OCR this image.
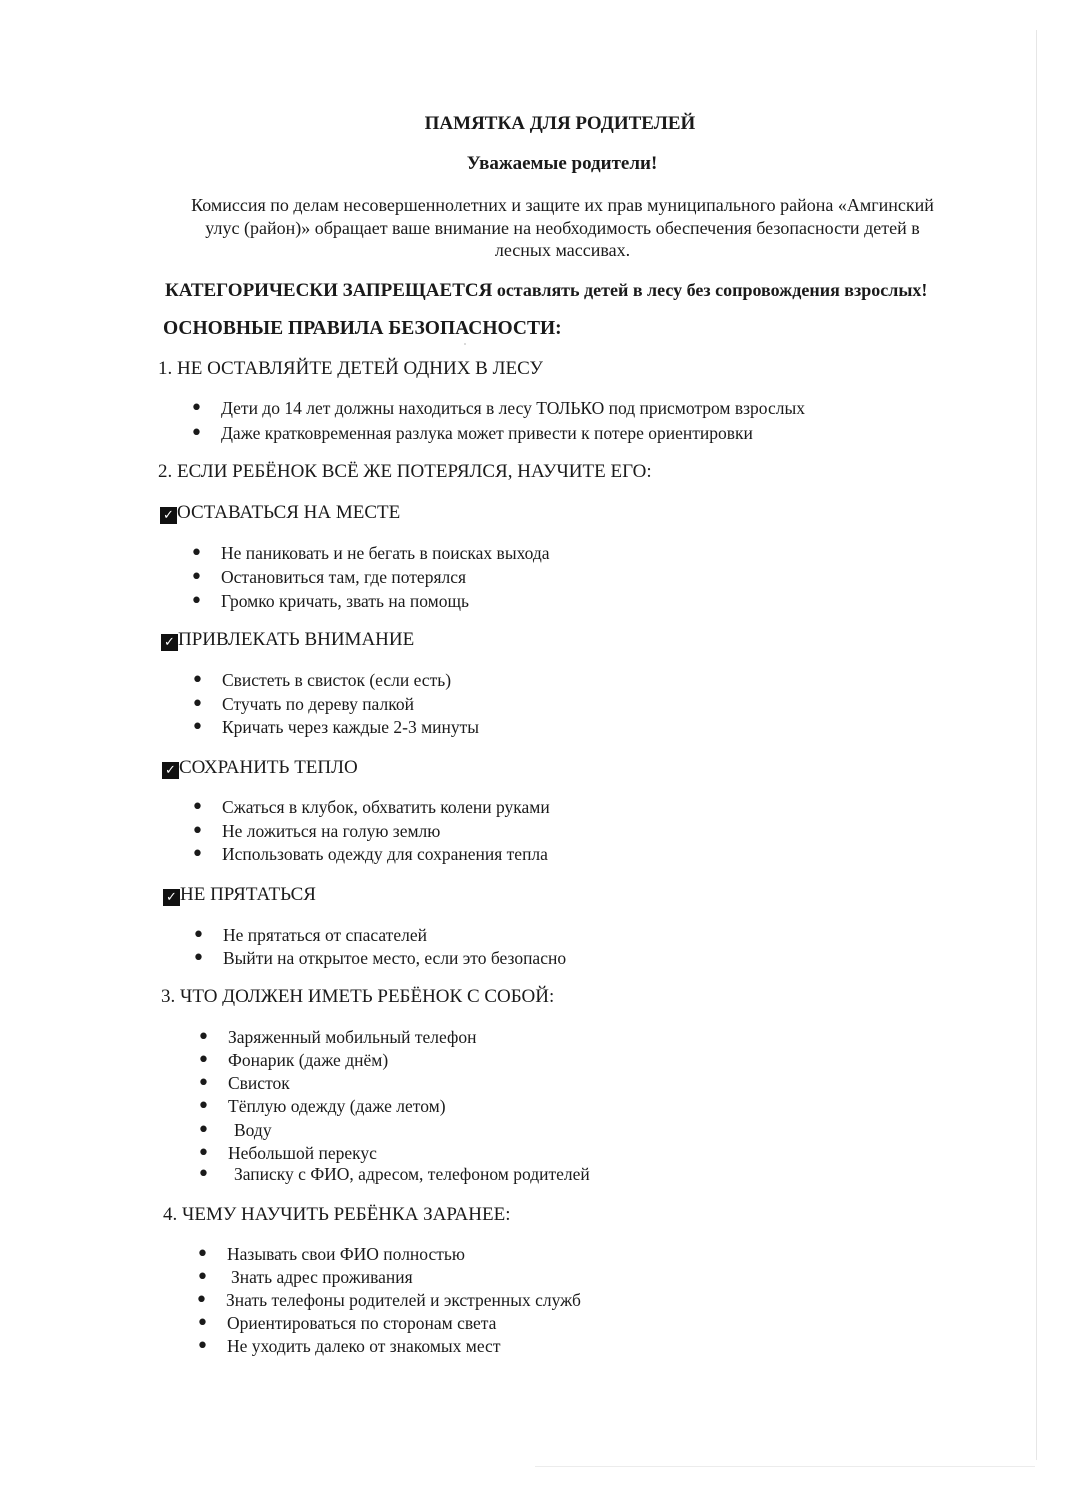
ПАМЯТКА ДЛЯ РОДИТЕЛЕЙ
Уважаемые родители!
Комиссия по делам несовершеннолетних и защите их прав муниципального района «Амгинский
улус (район)» обращает ваше внимание на необходимость обеспечения безопасности детей в
лесных массивах.
КАТЕГОРИЧЕСКИ ЗАПРЕЩАЕТСЯ оставлять детей в лесу без сопровождения взрослых!
ОСНОВНЫЕ ПРАВИЛА БЕЗОПАСНОСТИ:
1. НЕ ОСТАВЛЯЙТЕ ДЕТЕЙ ОДНИХ В ЛЕСУ
• Дети до 14 лет должны находиться в лесу ТОЛЬКО под присмотром взрослых
• Даже кратковременная разлука может привести к потере ориентировки
2. ЕСЛИ РЕБЁНОК ВСЁ ЖЕ ПОТЕРЯЛСЯ, НАУЧИТЕ ЕГО:
✓ ОСТАВАТЬСЯ НА МЕСТЕ
• Не паниковать и не бегать в поисках выхода
• Остановиться там, где потерялся
• Громко кричать, звать на помощь
✓ ПРИВЛЕКАТЬ ВНИМАНИЕ
• Свистеть в свисток (если есть)
• Стучать по дереву палкой
• Кричать через каждые 2-3 минуты
✓ СОХРАНИТЬ ТЕПЛО
• Сжаться в клубок, обхватить колени руками
• Не ложиться на голую землю
• Использовать одежду для сохранения тепла
✓ НЕ ПРЯТАТЬСЯ
• Не прятаться от спасателей
• Выйти на открытое место, если это безопасно
3. ЧТО ДОЛЖЕН ИМЕТЬ РЕБЁНОК С СОБОЙ:
• Заряженный мобильный телефон
• Фонарик (даже днём)
• Свисток
• Тёплую одежду (даже летом)
• Воду
• Небольшой перекус
• Записку с ФИО, адресом, телефоном родителей
4. ЧЕМУ НАУЧИТЬ РЕБЁНКА ЗАРАНЕЕ:
• Называть свои ФИО полностью
• Знать адрес проживания
• Знать телефоны родителей и экстренных служб
• Ориентироваться по сторонам света
• Не уходить далеко от знакомых мест
